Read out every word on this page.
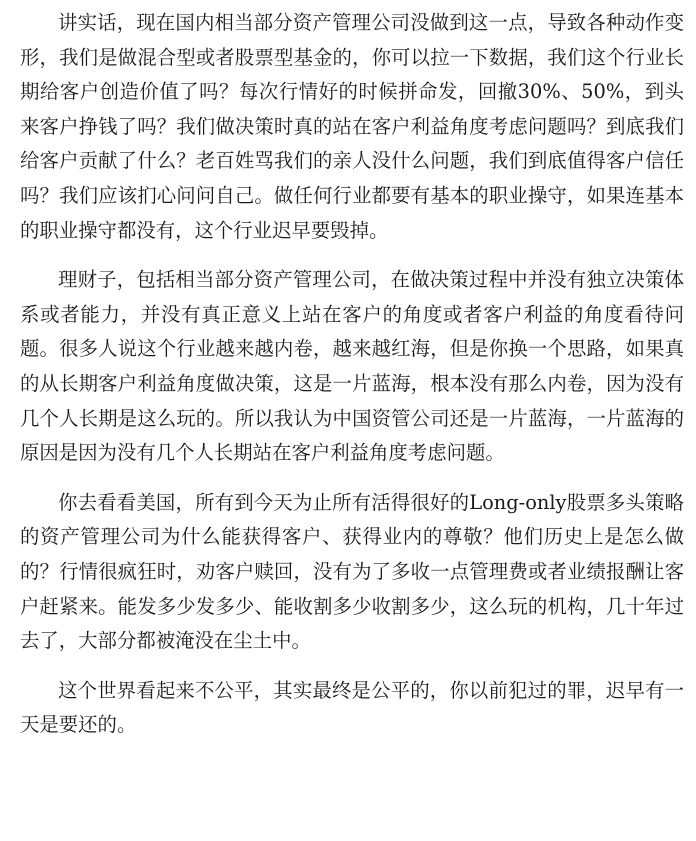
讲实话，现在国内相当部分资产管理公司没做到这一点，导致各种动作变形，我们是做混合型或者股票型基金的，你可以拉一下数据，我们这个行业长期给客户创造价值了吗？每次行情好的时候拼命发，回撤30%、50%，到头来客户挣钱了吗？我们做决策时真的站在客户利益角度考虑问题吗？到底我们给客户贡献了什么？老百姓骂我们的亲人没什么问题，我们到底值得客户信任吗？我们应该扪心问问自己。做任何行业都要有基本的职业操守，如果连基本的职业操守都没有，这个行业迟早要毁掉。

理财子，包括相当部分资产管理公司，在做决策过程中并没有独立决策体系或者能力，并没有真正意义上站在客户的角度或者客户利益的角度看待问题。很多人说这个行业越来越内卷，越来越红海，但是你换一个思路，如果真的从长期客户利益角度做决策，这是一片蓝海，根本没有那么内卷，因为没有几个人长期是这么玩的。所以我认为中国资管公司还是一片蓝海，一片蓝海的原因是因为没有几个人长期站在客户利益角度考虑问题。

你去看看美国，所有到今天为止所有活得很好的Long-only股票多头策略的资产管理公司为什么能获得客户、获得业内的尊敬？他们历史上是怎么做的？行情很疯狂时，劝客户赎回，没有为了多收一点管理费或者业绩报酬让客户赶紧来。能发多少发多少、能收割多少收割多少，这么玩的机构，几十年过去了，大部分都被淹没在尘土中。

这个世界看起来不公平，其实最终是公平的，你以前犯过的罪，迟早有一天是要还的。
